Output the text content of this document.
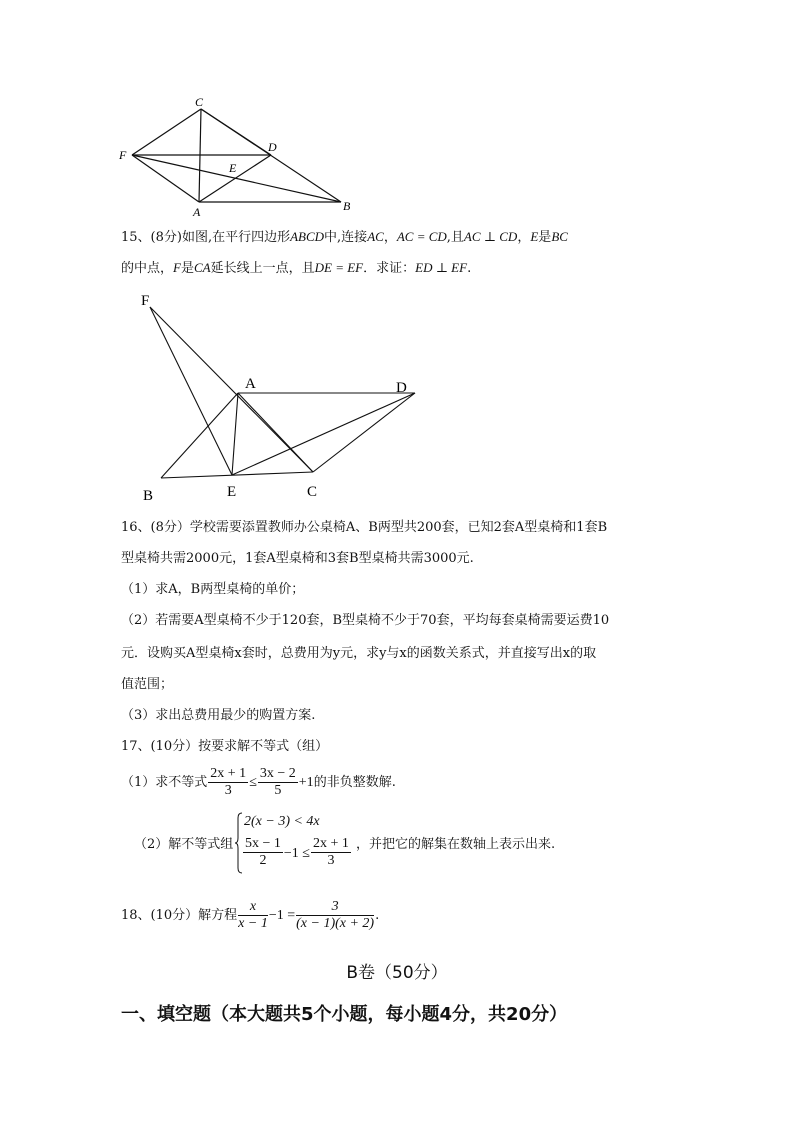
C
D
F
E
A	B
15、(8分)如图,在平行四边形ABCD中,连接AC，AC = CD,且AC ⊥ CD，E是BC
的中点，F是CA延长线上一点，且DE = EF．求证：ED ⊥ EF.
F
A	D
B	E	C
16、(8分）学校需要添置教师办公桌椅A、B两型共200套，已知2套A型桌椅和1套B
型桌椅共需2000元，1套A型桌椅和3套B型桌椅共需3000元.
（1）求A，B两型桌椅的单价；
（2）若需要A型桌椅不少于120套，B型桌椅不少于70套，平均每套桌椅需要运费10
元．设购买A型桌椅x套时，总费用为y元，求y与x的函数关系式，并直接写出x的取
值范围；
（3）求出总费用最少的购置方案.
17、(10分）按要求解不等式（组）
（1）求不等式 $\frac{2x + 1}{3} \le \frac{3x - 2}{5} +1$的非负整数解.
（2）解不等式组
2(x − 3) < 4x
$\frac{5x - 1}{2} -1 \le \frac{2x + 1}{3}$ ，并把它的解集在数轴上表示出来.
18、(10分）解方程 $\frac{x}{x - 1} -1 = \frac{3}{(x - 1)(x + 2)}$ .
B卷（50分）
一、填空题（本大题共5个小题，每小题4分，共20分）
